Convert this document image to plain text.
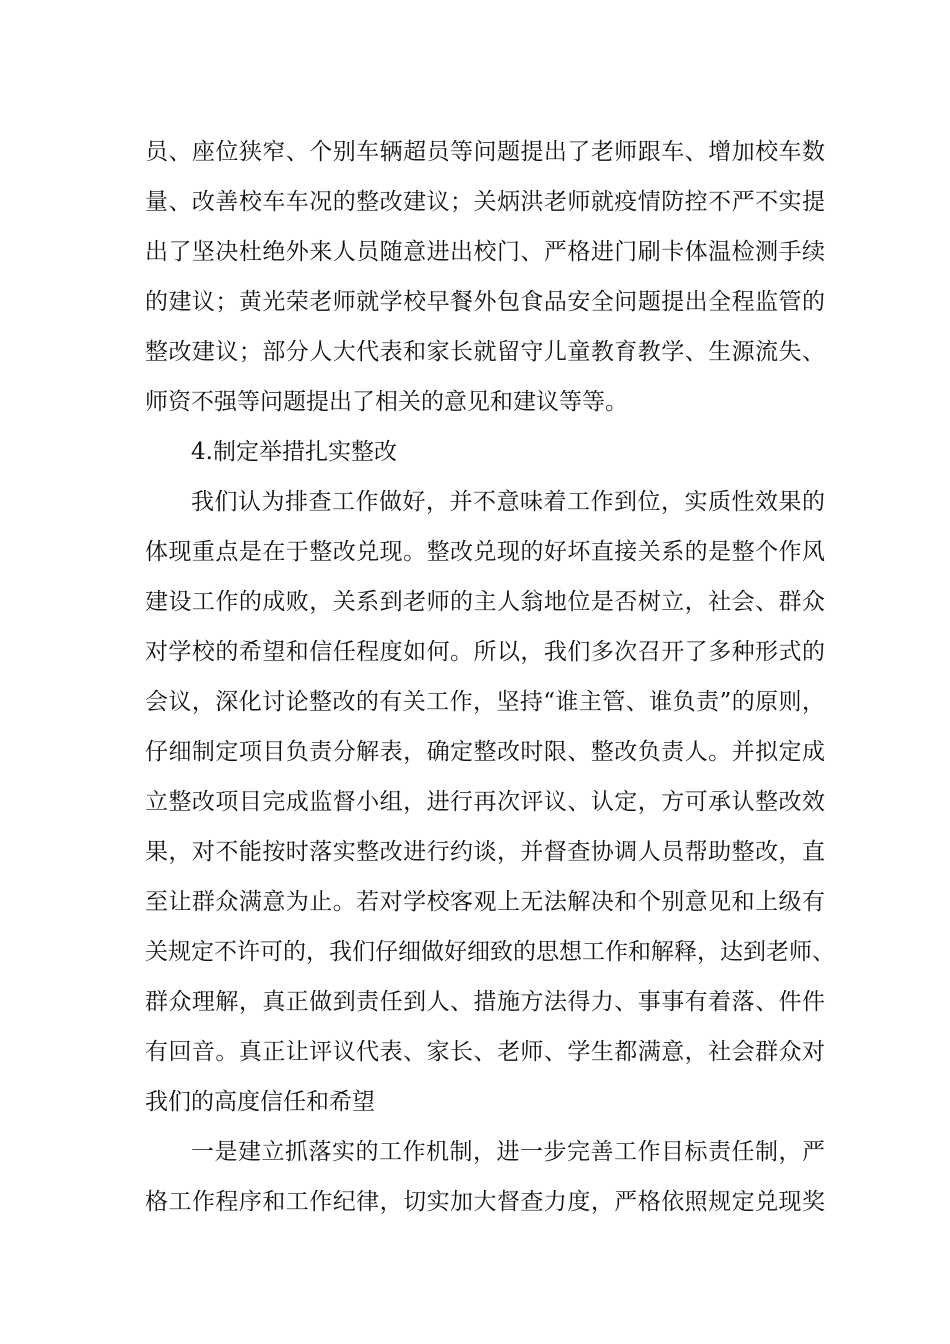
员、座位狭窄、个别车辆超员等问题提出了老师跟车、增加校车数
量、改善校车车况的整改建议；关炳洪老师就疫情防控不严不实提
出了坚决杜绝外来人员随意进出校门、严格进门刷卡体温检测手续
的建议；黄光荣老师就学校早餐外包食品安全问题提出全程监管的
整改建议；部分人大代表和家长就留守儿童教育教学、生源流失、
师资不强等问题提出了相关的意见和建议等等。
4.制定举措扎实整改
我们认为排查工作做好，并不意味着工作到位，实质性效果的
体现重点是在于整改兑现。整改兑现的好坏直接关系的是整个作风
建设工作的成败，关系到老师的主人翁地位是否树立，社会、群众
对学校的希望和信任程度如何。所以，我们多次召开了多种形式的
会议，深化讨论整改的有关工作，坚持“谁主管、谁负责”的原则，
仔细制定项目负责分解表，确定整改时限、整改负责人。并拟定成
立整改项目完成监督小组，进行再次评议、认定，方可承认整改效
果，对不能按时落实整改进行约谈，并督查协调人员帮助整改，直
至让群众满意为止。若对学校客观上无法解决和个别意见和上级有
关规定不许可的，我们仔细做好细致的思想工作和解释，达到老师、
群众理解，真正做到责任到人、措施方法得力、事事有着落、件件
有回音。真正让评议代表、家长、老师、学生都满意，社会群众对
我们的高度信任和希望
一是建立抓落实的工作机制，进一步完善工作目标责任制，严
格工作程序和工作纪律，切实加大督查力度，严格依照规定兑现奖
